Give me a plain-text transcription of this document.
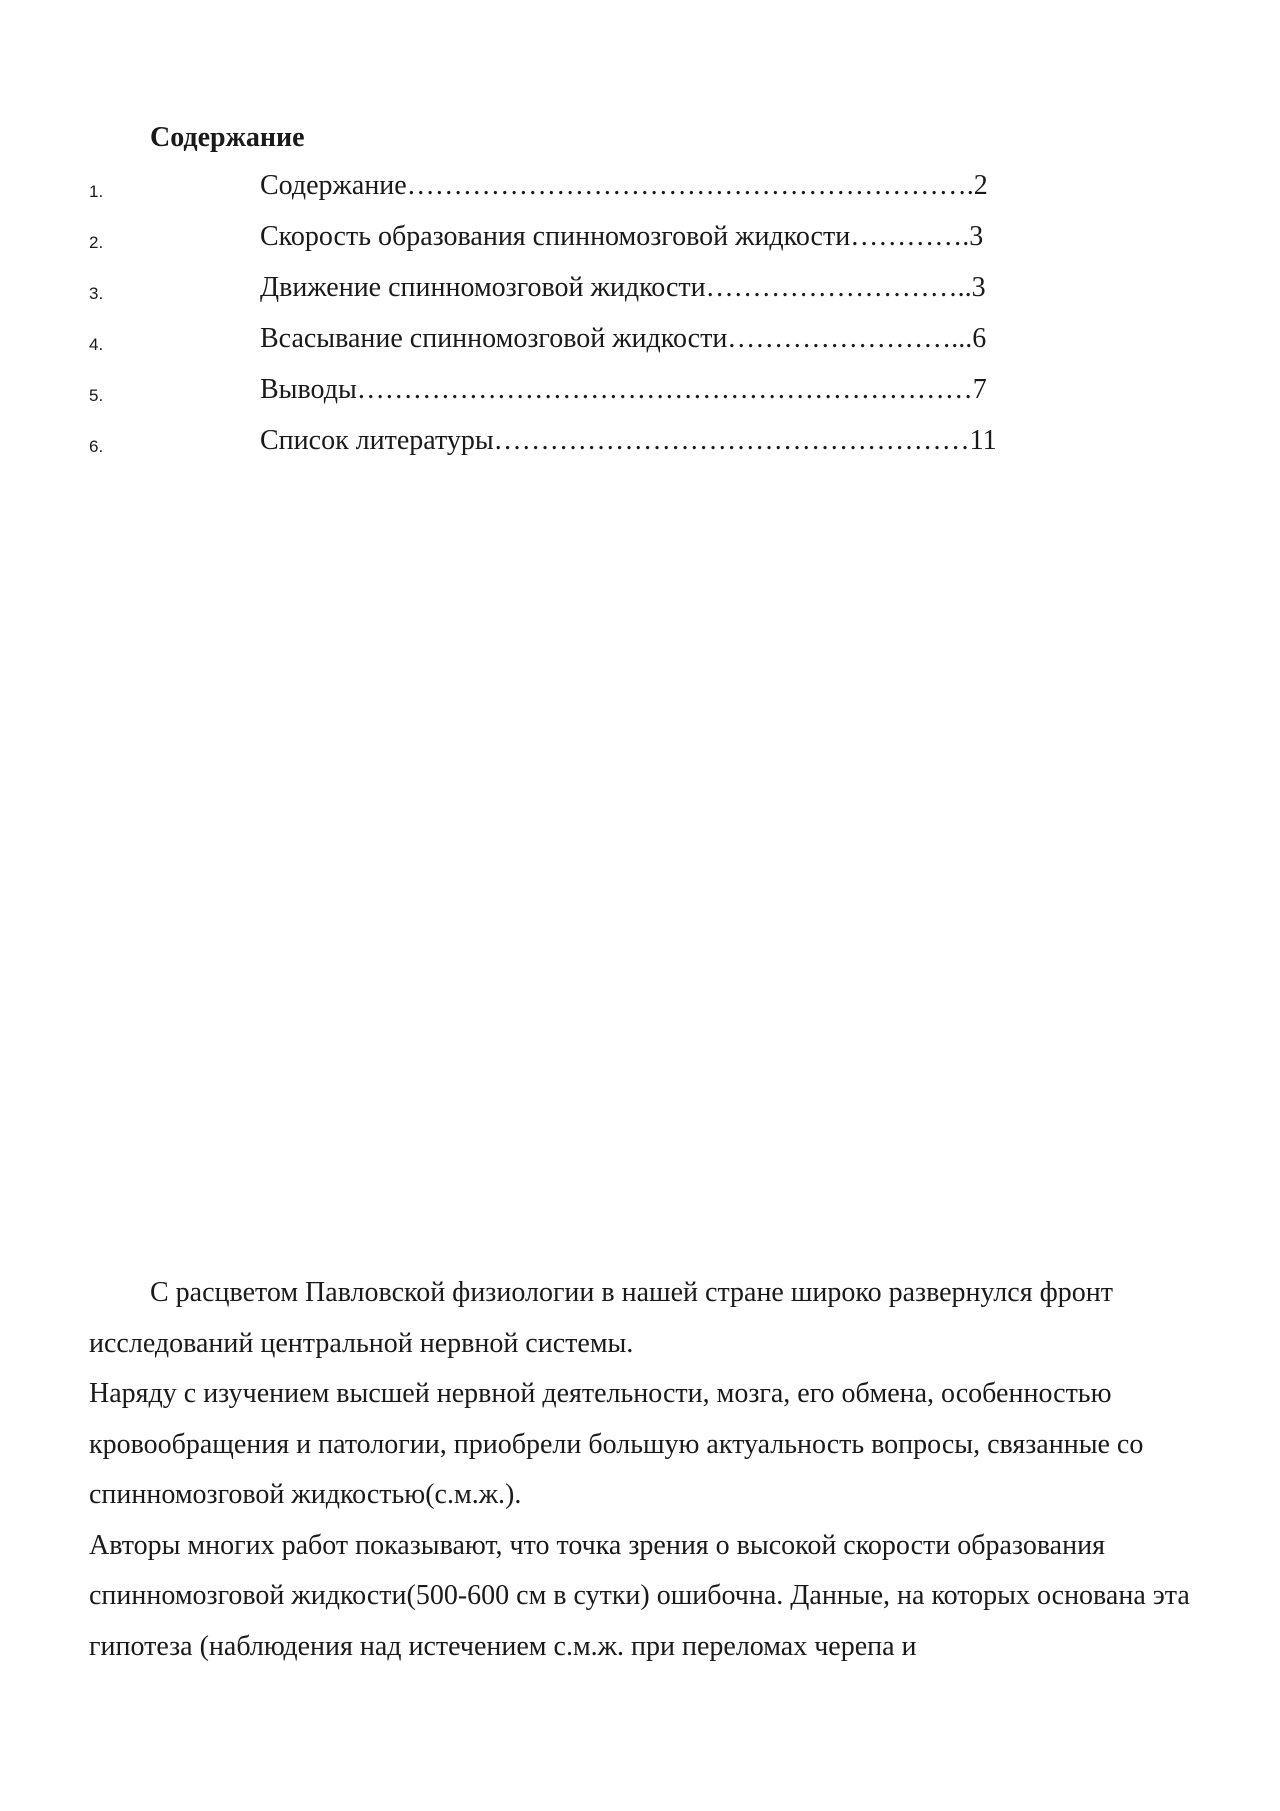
Содержание
1.	Содержание…………………………………………………….2
2.	Скорость образования спинномозговой жидкости………….3
3.	Движение спинномозговой жидкости………………………..3
4.	Всасывание спинномозговой жидкости……………………...6
5.	Выводы…………………………………………………………7
6.	Список литературы……………………………………………11

С расцветом Павловской физиологии в нашей стране широко развернулся фронт исследований центральной нервной системы.

Наряду с изучением высшей нервной деятельности, мозга, его обмена, особенностью кровообращения и патологии, приобрели большую актуальность вопросы, связанные со спинномозговой жидкостью(с.м.ж.).

Авторы многих работ показывают, что точка зрения о высокой скорости образования спинномозговой жидкости(500-600 см в сутки) ошибочна. Данные, на которых основана эта гипотеза (наблюдения над истечением с.м.ж. при переломах черепа и
